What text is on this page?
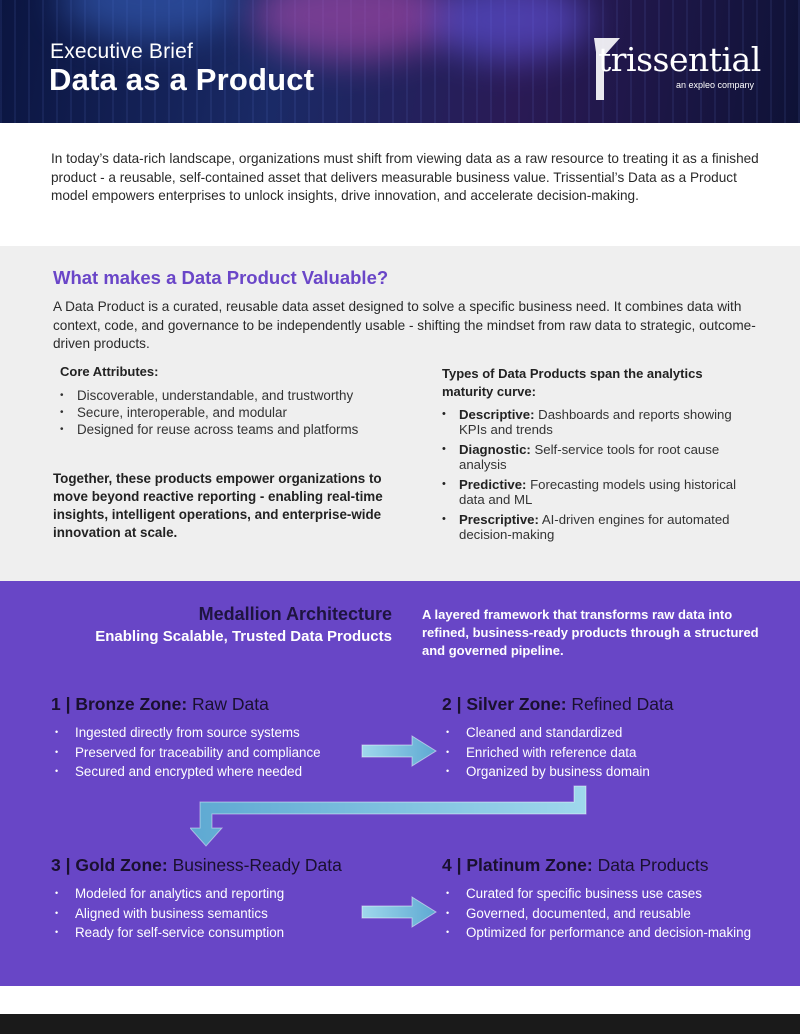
Executive Brief
Data as a Product
trissential
an expleo company

In today’s data-rich landscape, organizations must shift from viewing data as a raw resource to treating it as a finished product - a reusable, self-contained asset that delivers measurable business value. Trissential’s Data as a Product model empowers enterprises to unlock insights, drive innovation, and accelerate decision-making.

What makes a Data Product Valuable?

A Data Product is a curated, reusable data asset designed to solve a specific business need. It combines data with context, code, and governance to be independently usable - shifting the mindset from raw data to strategic, outcome-driven products.

Core Attributes:
• Discoverable, understandable, and trustworthy
• Secure, interoperable, and modular
• Designed for reuse across teams and platforms

Together, these products empower organizations to move beyond reactive reporting - enabling real-time insights, intelligent operations, and enterprise-wide innovation at scale.

Types of Data Products span the analytics maturity curve:
• Descriptive: Dashboards and reports showing KPIs and trends
• Diagnostic: Self-service tools for root cause analysis
• Predictive: Forecasting models using historical data and ML
• Prescriptive: AI-driven engines for automated decision-making
Medallion Architecture
Enabling Scalable, Trusted Data Products

A layered framework that transforms raw data into refined, business-ready products through a structured and governed pipeline.

1 | Bronze Zone: Raw Data
• Ingested directly from source systems
• Preserved for traceability and compliance
• Secured and encrypted where needed
2 | Silver Zone: Refined Data
• Cleaned and standardized
• Enriched with reference data
• Organized by business domain
3 | Gold Zone: Business-Ready Data
• Modeled for analytics and reporting
• Aligned with business semantics
• Ready for self-service consumption
4 | Platinum Zone: Data Products
• Curated for specific business use cases
• Governed, documented, and reusable
• Optimized for performance and decision-making
